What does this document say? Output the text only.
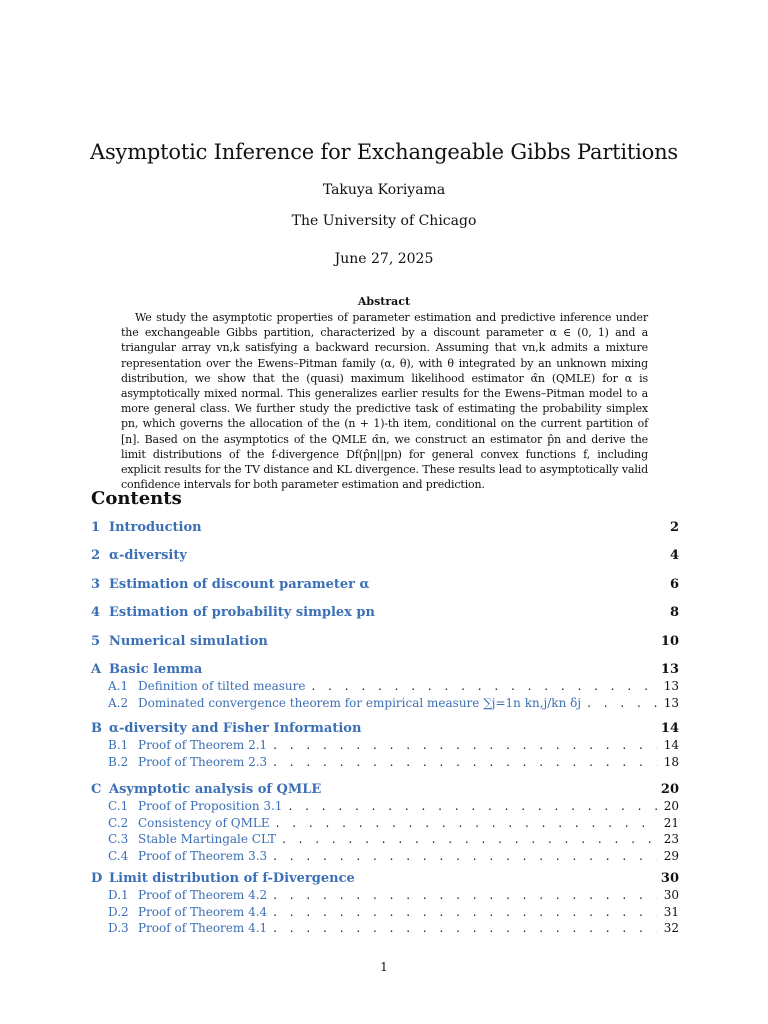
Asymptotic Inference for Exchangeable Gibbs Partitions
Takuya Koriyama
The University of Chicago
June 27, 2025
Abstract
We study the asymptotic properties of parameter estimation and predictive inference under the exchangeable Gibbs partition, characterized by a discount parameter α ∈ (0, 1) and a triangular array vn,k satisfying a backward recursion. Assuming that vn,k admits a mixture representation over the Ewens–Pitman family (α, θ), with θ integrated by an unknown mixing distribution, we show that the (quasi) maximum likelihood estimator α̂n (QMLE) for α is asymptotically mixed normal. This generalizes earlier results for the Ewens–Pitman model to a more general class. We further study the predictive task of estimating the probability simplex pn, which governs the allocation of the (n + 1)-th item, conditional on the current partition of [n]. Based on the asymptotics of the QMLE α̂n, we construct an estimator p̂n and derive the limit distributions of the f-divergence Df(p̂n||pn) for general convex functions f, including explicit results for the TV distance and KL divergence. These results lead to asymptotically valid confidence intervals for both parameter estimation and prediction.
Contents
1 Introduction	2
2 α-diversity	4
3 Estimation of discount parameter α	6
4 Estimation of probability simplex pn	8
5 Numerical simulation	10
A Basic lemma	13
A.1 Definition of tilted measure . . .	13
A.2 Dominated convergence theorem for empirical measure ∑j=1n kn,j/kn δj . . .	13
B α-diversity and Fisher Information	14
B.1 Proof of Theorem 2.1 . . .	14
B.2 Proof of Theorem 2.3 . . .	18
C Asymptotic analysis of QMLE	20
C.1 Proof of Proposition 3.1 . . .	20
C.2 Consistency of QMLE . . .	21
C.3 Stable Martingale CLT . . .	23
C.4 Proof of Theorem 3.3 . . .	29
D Limit distribution of f-Divergence	30
D.1 Proof of Theorem 4.2 . . .	30
D.2 Proof of Theorem 4.4 . . .	31
D.3 Proof of Theorem 4.1 . . .	32
1
